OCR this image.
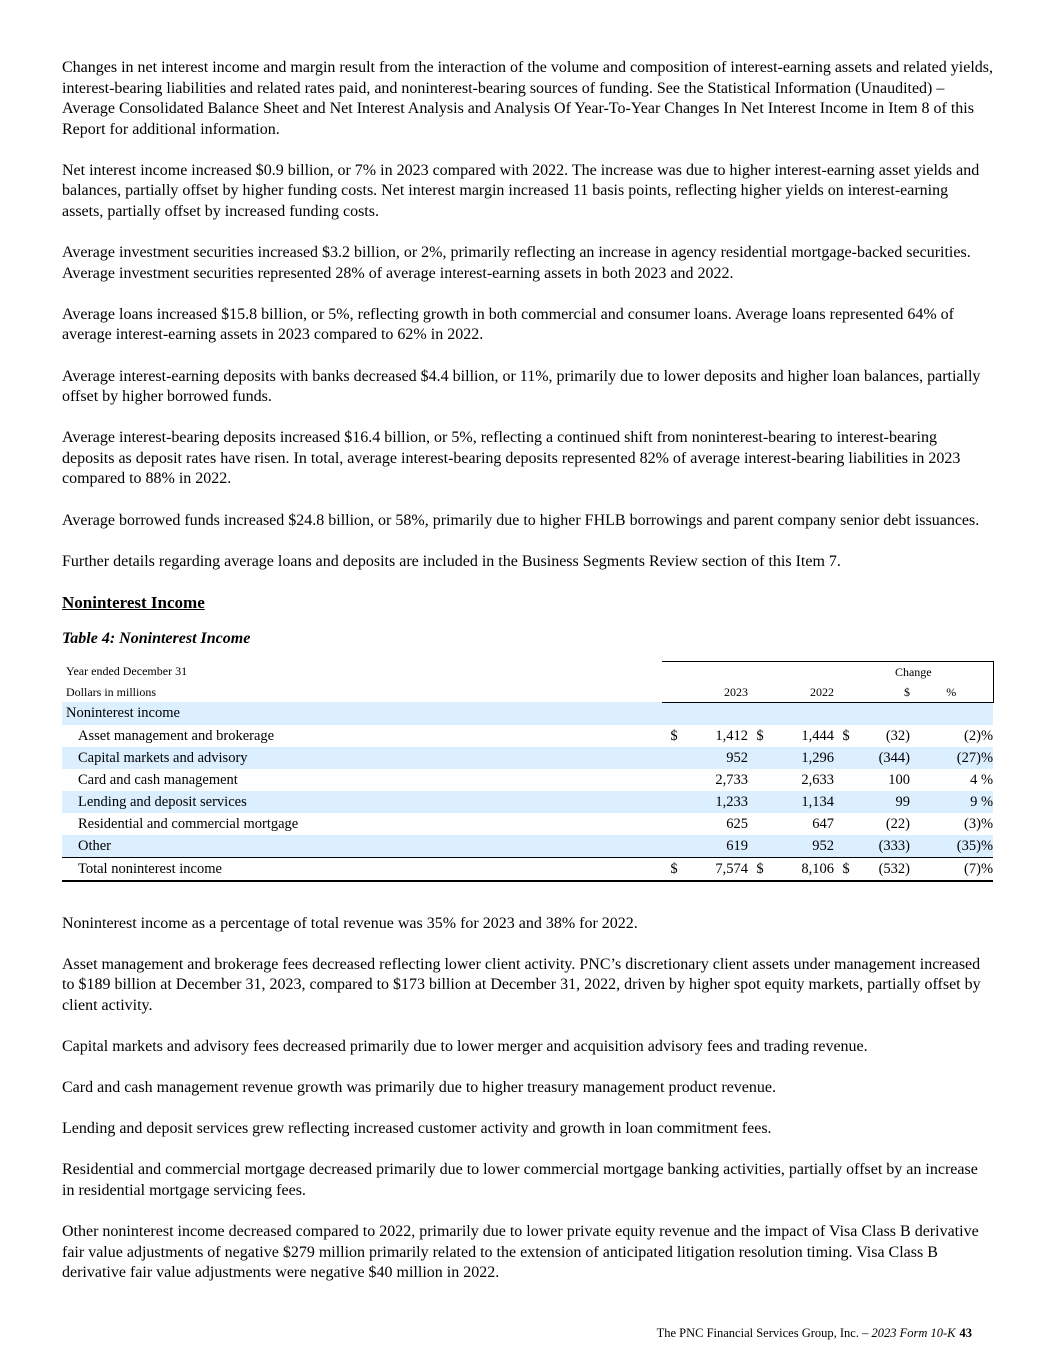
Changes in net interest income and margin result from the interaction of the volume and composition of interest-earning assets and related yields, interest-bearing liabilities and related rates paid, and noninterest-bearing sources of funding. See the Statistical Information (Unaudited) – Average Consolidated Balance Sheet and Net Interest Analysis and Analysis Of Year-To-Year Changes In Net Interest Income in Item 8 of this Report for additional information.

Net interest income increased $0.9 billion, or 7% in 2023 compared with 2022. The increase was due to higher interest-earning asset yields and balances, partially offset by higher funding costs. Net interest margin increased 11 basis points, reflecting higher yields on interest-earning assets, partially offset by increased funding costs.

Average investment securities increased $3.2 billion, or 2%, primarily reflecting an increase in agency residential mortgage-backed securities. Average investment securities represented 28% of average interest-earning assets in both 2023 and 2022.

Average loans increased $15.8 billion, or 5%, reflecting growth in both commercial and consumer loans. Average loans represented 64% of average interest-earning assets in 2023 compared to 62% in 2022.

Average interest-earning deposits with banks decreased $4.4 billion, or 11%, primarily due to lower deposits and higher loan balances, partially offset by higher borrowed funds.

Average interest-bearing deposits increased $16.4 billion, or 5%, reflecting a continued shift from noninterest-bearing to interest-bearing deposits as deposit rates have risen. In total, average interest-bearing deposits represented 82% of average interest-bearing liabilities in 2023 compared to 88% in 2022.

Average borrowed funds increased $24.8 billion, or 58%, primarily due to higher FHLB borrowings and parent company senior debt issuances.

Further details regarding average loans and deposits are included in the Business Segments Review section of this Item 7.

Noninterest Income
Table 4: Noninterest Income
Year ended December 31					Change		
Dollars in millions		2023		2022		$	%
Noninterest income							
Asset management and brokerage	$	1,412	$	1,444	$	(32)	(2)%
Capital markets and advisory		952		1,296		(344)	(27)%
Card and cash management		2,733		2,633		100	4 %
Lending and deposit services		1,233		1,134		99	9 %
Residential and commercial mortgage		625		647		(22)	(3)%
Other		619		952		(333)	(35)%
Total noninterest income	$	7,574	$	8,106	$	(532)	(7)%

Noninterest income as a percentage of total revenue was 35% for 2023 and 38% for 2022.

Asset management and brokerage fees decreased reflecting lower client activity. PNC’s discretionary client assets under management increased to $189 billion at December 31, 2023, compared to $173 billion at December 31, 2022, driven by higher spot equity markets, partially offset by client activity.

Capital markets and advisory fees decreased primarily due to lower merger and acquisition advisory fees and trading revenue.

Card and cash management revenue growth was primarily due to higher treasury management product revenue.

Lending and deposit services grew reflecting increased customer activity and growth in loan commitment fees.

Residential and commercial mortgage decreased primarily due to lower commercial mortgage banking activities, partially offset by an increase in residential mortgage servicing fees.

Other noninterest income decreased compared to 2022, primarily due to lower private equity revenue and the impact of Visa Class B derivative fair value adjustments of negative $279 million primarily related to the extension of anticipated litigation resolution timing. Visa Class B derivative fair value adjustments were negative $40 million in 2022.

The PNC Financial Services Group, Inc. – 2023 Form 10-K 43
